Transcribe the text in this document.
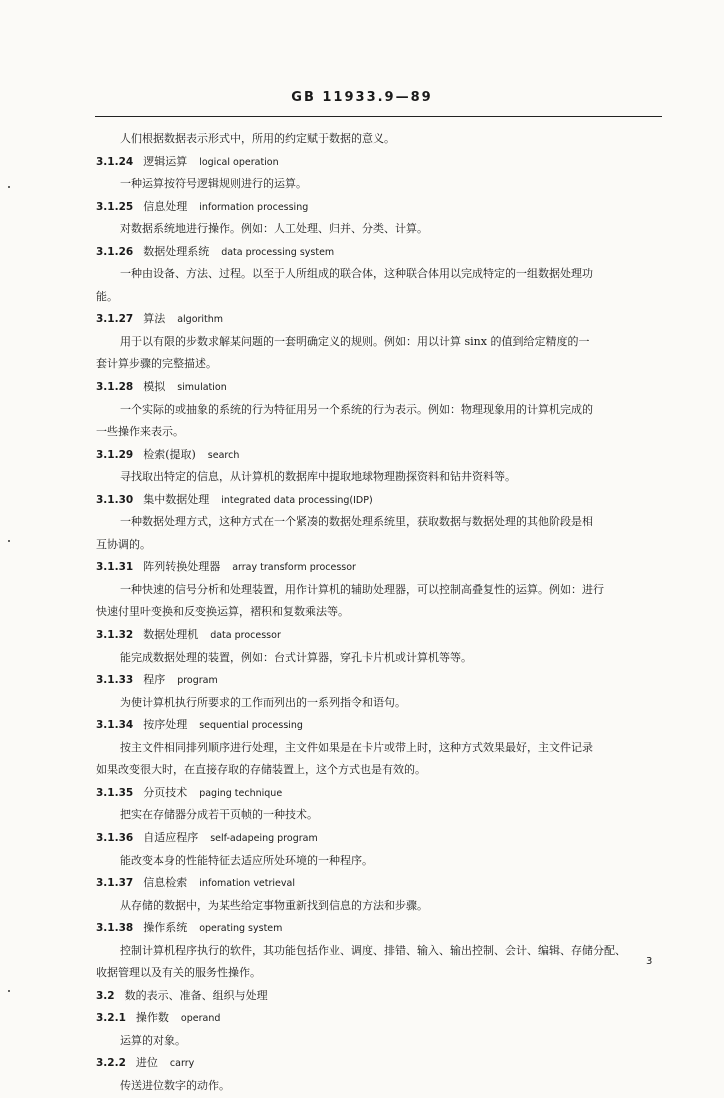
GB 11933.9—89
人们根据数据表示形式中，所用的约定赋于数据的意义。
3.1.24 逻辑运算 logical operation
一种运算按符号逻辑规则进行的运算。
3.1.25 信息处理 information processing
对数据系统地进行操作。例如：人工处理、归并、分类、计算。
3.1.26 数据处理系统 data processing system
一种由设备、方法、过程。以至于人所组成的联合体，这种联合体用以完成特定的一组数据处理功
能。
3.1.27 算法 algorithm
用于以有限的步数求解某问题的一套明确定义的规则。例如：用以计算 sinx 的值到给定精度的一
套计算步骤的完整描述。
3.1.28 模拟 simulation
一个实际的或抽象的系统的行为特征用另一个系统的行为表示。例如：物理现象用的计算机完成的
一些操作来表示。
3.1.29 检索(提取) search
寻找取出特定的信息，从计算机的数据库中提取地球物理勘探资料和钻井资料等。
3.1.30 集中数据处理 integrated data processing(IDP)
一种数据处理方式，这种方式在一个紧凑的数据处理系统里，获取数据与数据处理的其他阶段是相
互协调的。
3.1.31 阵列转换处理器 array transform processor
一种快速的信号分析和处理装置，用作计算机的辅助处理器，可以控制高叠复性的运算。例如：进行
快速付里叶变换和反变换运算，褶积和复数乘法等。
3.1.32 数据处理机 data processor
能完成数据处理的装置，例如：台式计算器，穿孔卡片机或计算机等等。
3.1.33 程序 program
为使计算机执行所要求的工作而列出的一系列指令和语句。
3.1.34 按序处理 sequential processing
按主文件相同排列顺序进行处理，主文件如果是在卡片或带上时，这种方式效果最好，主文件记录
如果改变很大时，在直接存取的存储装置上，这个方式也是有效的。
3.1.35 分页技术 paging technique
把实在存储器分成若干页帧的一种技术。
3.1.36 自适应程序 self-adapeing program
能改变本身的性能特征去适应所处环境的一种程序。
3.1.37 信息检索 infomation vetrieval
从存储的数据中，为某些给定事物重新找到信息的方法和步骤。
3.1.38 操作系统 operating system
控制计算机程序执行的软件，其功能包括作业、调度、排错、输入、输出控制、会计、编辑、存储分配、
收据管理以及有关的服务性操作。
3.2 数的表示、准备、组织与处理
3.2.1 操作数 operand
运算的对象。
3.2.2 进位 carry
传送进位数字的动作。
3
